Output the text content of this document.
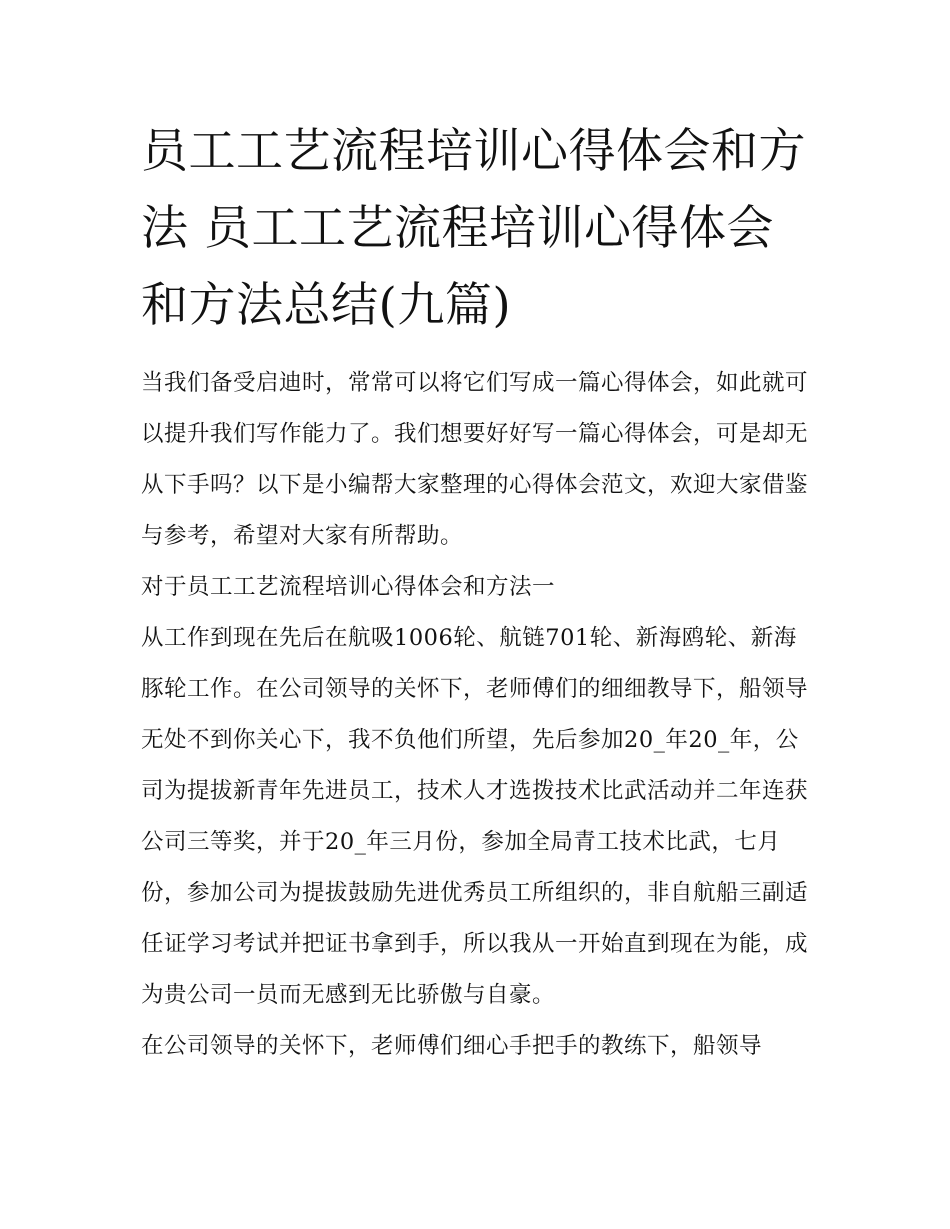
员工工艺流程培训心得体会和方法 员工工艺流程培训心得体会和方法总结(九篇)

当我们备受启迪时，常常可以将它们写成一篇心得体会，如此就可以提升我们写作能力了。我们想要好好写一篇心得体会，可是却无从下手吗？以下是小编帮大家整理的心得体会范文，欢迎大家借鉴与参考，希望对大家有所帮助。

对于员工工艺流程培训心得体会和方法一

从工作到现在先后在航吸1006轮、航链701轮、新海鸥轮、新海豚轮工作。在公司领导的关怀下，老师傅们的细细教导下，船领导无处不到你关心下，我不负他们所望，先后参加20_年20_年，公司为提拔新青年先进员工，技术人才选拨技术比武活动并二年连获公司三等奖，并于20_年三月份，参加全局青工技术比武，七月份，参加公司为提拔鼓励先进优秀员工所组织的，非自航船三副适任证学习考试并把证书拿到手，所以我从一开始直到现在为能，成为贵公司一员而无感到无比骄傲与自豪。

在公司领导的关怀下，老师傅们细心手把手的教练下，船领导
